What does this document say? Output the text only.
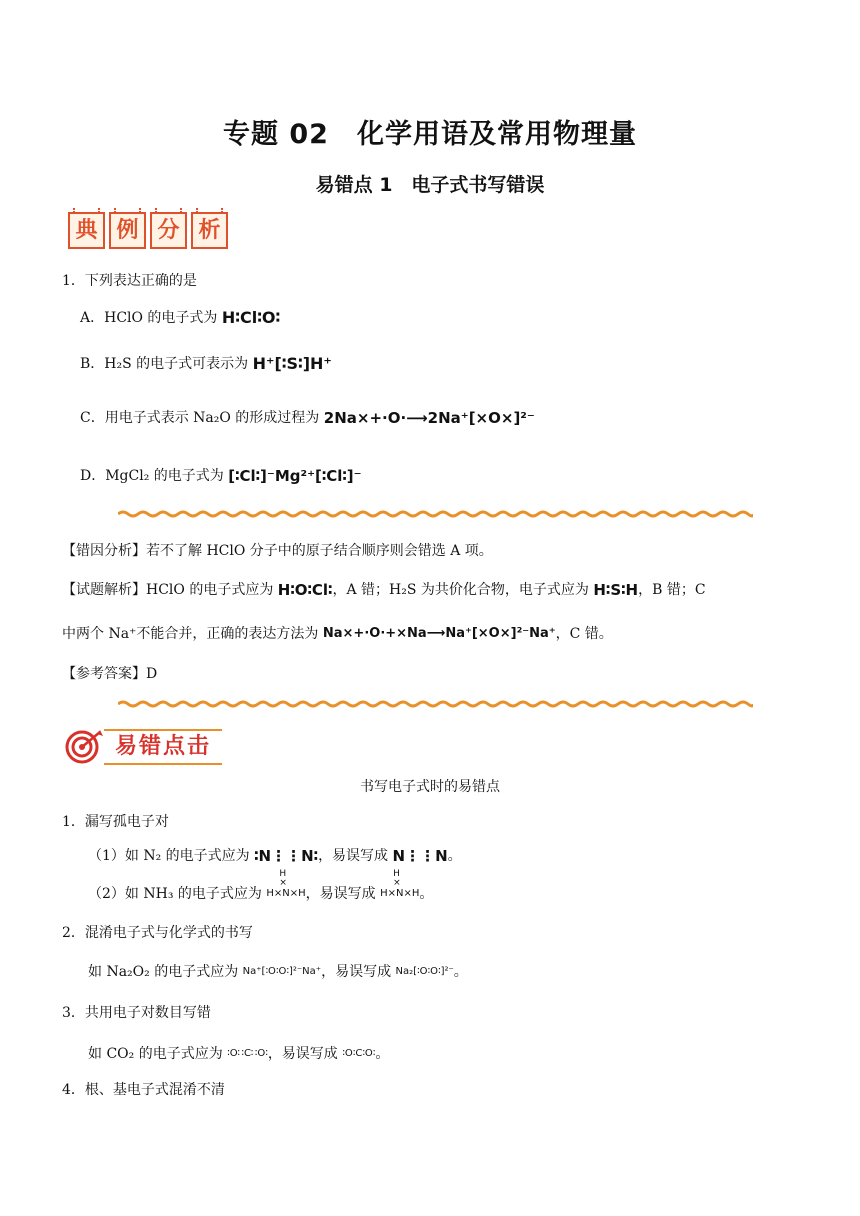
专题 02　化学用语及常用物理量
易错点 1　电子式书写错误
典 例 分 析
1．下列表达正确的是
A．HClO 的电子式为 H∶Cl∶O∶
B．H₂S 的电子式可表示为 H⁺[∶S∶]H⁺
C．用电子式表示 Na₂O 的形成过程为 2Na×+·O·⟶2Na⁺[×O×]²⁻
D．MgCl₂ 的电子式为 [∶Cl∶]⁻Mg²⁺[∶Cl∶]⁻
【错因分析】若不了解 HClO 分子中的原子结合顺序则会错选 A 项。
【试题解析】HClO 的电子式应为 H∶O∶Cl∶，A 错；H₂S 为共价化合物，电子式应为 H∶S∶H，B 错；C
中两个 Na⁺不能合并，正确的表达方法为 Na×+·O·+×Na⟶Na⁺[×O×]²⁻Na⁺，C 错。
【参考答案】D
易错点击
书写电子式时的易错点
1．漏写孤电子对
（1）如 N₂ 的电子式应为 ∶N⋮⋮N∶，易误写成 N⋮⋮N。
（2）如 NH₃ 的电子式应为
H
×
H×N×H，易误写成
H
×
H×N×H。
2．混淆电子式与化学式的书写
如 Na₂O₂ 的电子式应为 Na⁺[∶O∶O∶]²⁻Na⁺，易误写成 Na₂[∶O∶O∶]²⁻。
3．共用电子对数目写错
如 CO₂ 的电子式应为 ∶O∷C∷O∶，易误写成 ∶O∶C∶O∶。
4．根、基电子式混淆不清
